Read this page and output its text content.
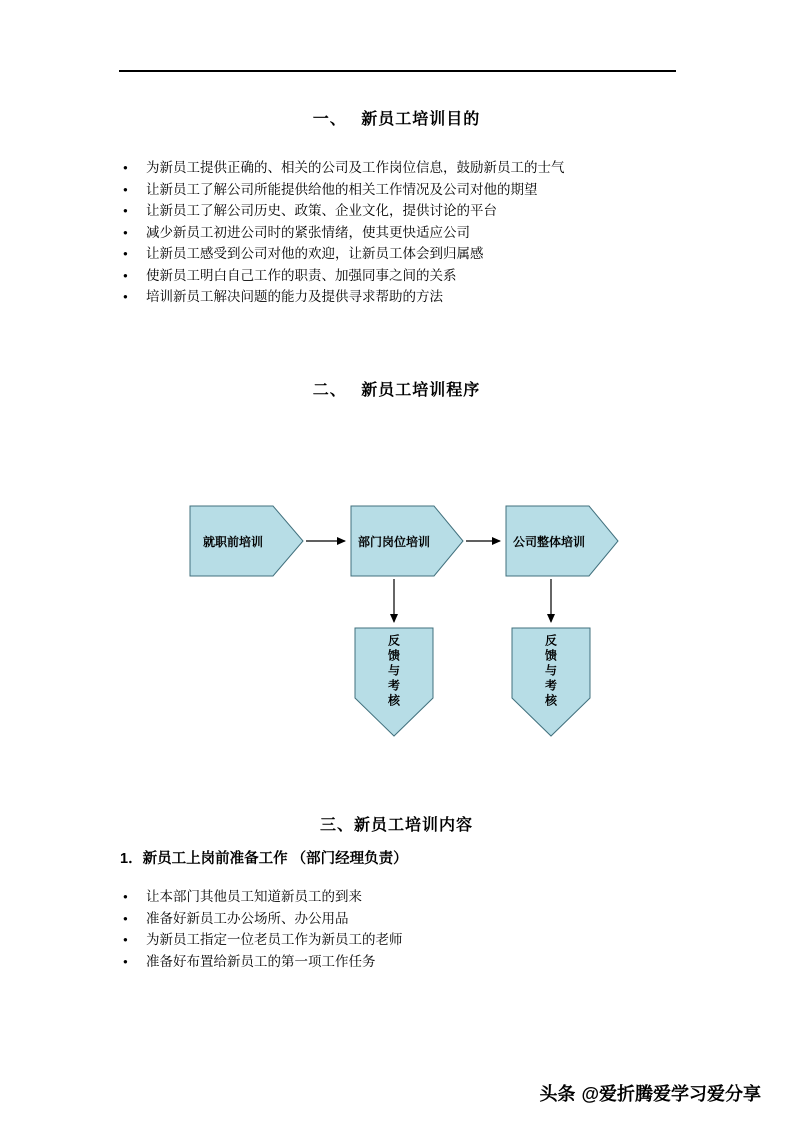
一、　 新员工培训目的
● 为新员工提供正确的、相关的公司及工作岗位信息，鼓励新员工的士气
● 让新员工了解公司所能提供给他的相关工作情况及公司对他的期望
● 让新员工了解公司历史、政策、企业文化，提供讨论的平台
● 减少新员工初进公司时的紧张情绪，使其更快适应公司
● 让新员工感受到公司对他的欢迎，让新员工体会到归属感
● 使新员工明白自己工作的职责、加强同事之间的关系
● 培训新员工解决问题的能力及提供寻求帮助的方法
二、　 新员工培训程序
就职前培训	部门岗位培训	公司整体培训
反馈与考核	反馈与考核
三、新员工培训内容
1．新员工上岗前准备工作 （部门经理负责）
● 让本部门其他员工知道新员工的到来
● 准备好新员工办公场所、办公用品
● 为新员工指定一位老员工作为新员工的老师
● 准备好布置给新员工的第一项工作任务
头条 @爱折腾爱学习爱分享
